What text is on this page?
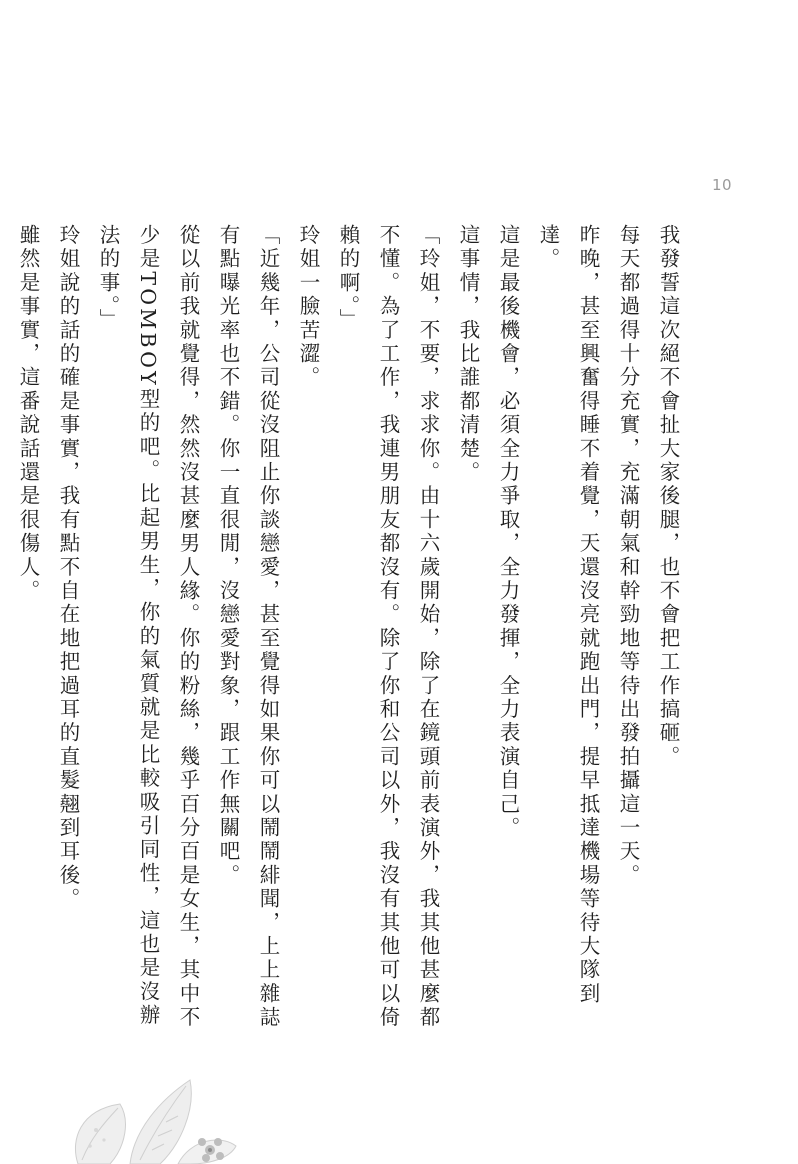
10

我發誓這次絕不會扯大家後腿，也不會把工作搞砸。

每天都過得十分充實，充滿朝氣和幹勁地等待出發拍攝這一天。

昨晚，甚至興奮得睡不着覺，天還沒亮就跑出門，提早抵達機場等待大隊到達。

這是最後機會，必須全力爭取，全力發揮，全力表演自己。

這事情，我比誰都清楚。

「玲姐，不要，求求你。由十六歲開始，除了在鏡頭前表演外，我其他甚麼都不懂。為了工作，我連男朋友都沒有。除了你和公司以外，我沒有其他可以倚賴的啊。」

玲姐一臉苦澀。

「近幾年，公司從沒阻止你談戀愛，甚至覺得如果你可以鬧鬧緋聞，上上雜誌有點曝光率也不錯。你一直很閒，沒戀愛對象，跟工作無關吧。

從以前我就覺得，然然沒甚麼男人緣。你的粉絲，幾乎百分百是女生，其中不少是TOMBOY型的吧。比起男生，你的氣質就是比較吸引同性，這也是沒辦法的事。」

玲姐說的話的確是事實，我有點不自在地把過耳的直髮翹到耳後。

雖然是事實，這番說話還是很傷人。
